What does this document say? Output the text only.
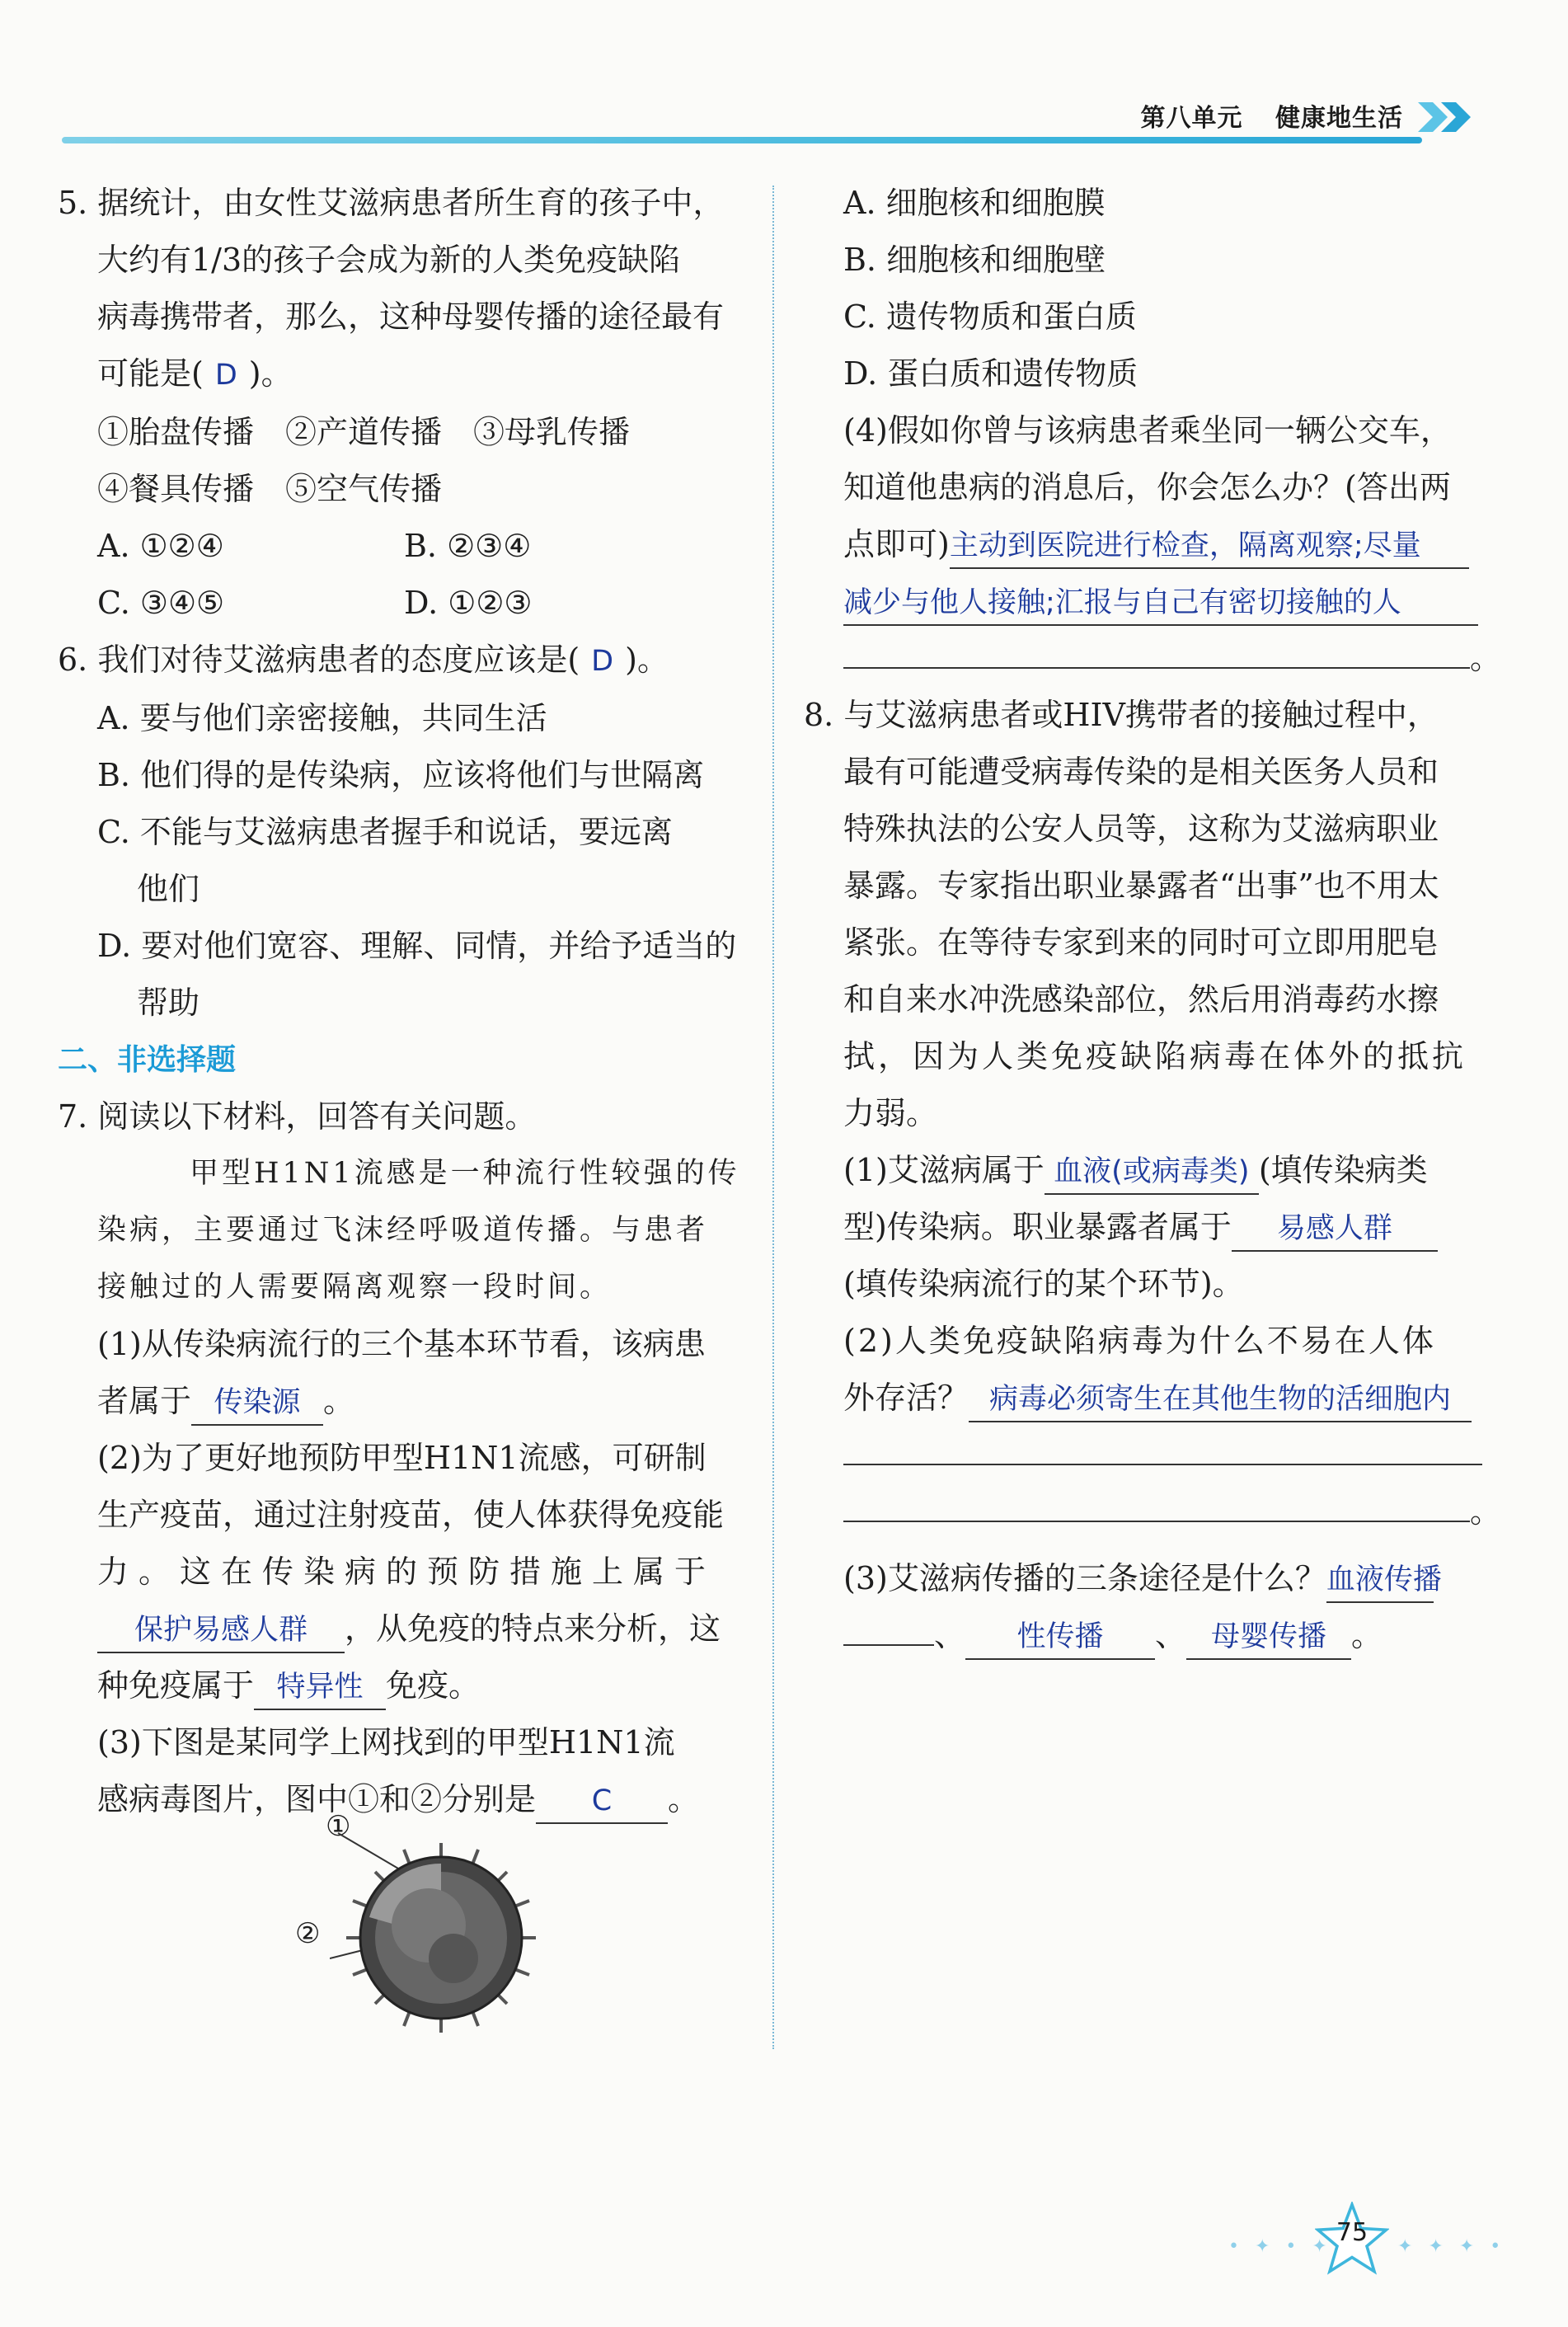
第八单元 健康地生活
5. 据统计，由女性艾滋病患者所生育的孩子中，
大约有1/3的孩子会成为新的人类免疫缺陷
病毒携带者，那么，这种母婴传播的途径最有
可能是( D )。
①胎盘传播　②产道传播　③母乳传播
④餐具传播　⑤空气传播
A. ①②④	B. ②③④
C. ③④⑤	D. ①②③
6. 我们对待艾滋病患者的态度应该是( D )。
A. 要与他们亲密接触，共同生活
B. 他们得的是传染病，应该将他们与世隔离
C. 不能与艾滋病患者握手和说话，要远离
他们
D. 要对他们宽容、理解、同情，并给予适当的
帮助
二、非选择题
7. 阅读以下材料，回答有关问题。
甲型H1N1流感是一种流行性较强的传
染病，主要通过飞沫经呼吸道传播。与患者
接触过的人需要隔离观察一段时间。
(1)从传染病流行的三个基本环节看，该病患
者属于 传染源 。
(2)为了更好地预防甲型H1N1流感，可研制
生产疫苗，通过注射疫苗，使人体获得免疫能
力。这在传染病的预防措施上属于
保护易感人群 ，从免疫的特点来分析，这
种免疫属于 特异性 免疫。
(3)下图是某同学上网找到的甲型H1N1流
感病毒图片，图中①和②分别是 C 。
①
②
A. 细胞核和细胞膜
B. 细胞核和细胞壁
C. 遗传物质和蛋白质
D. 蛋白质和遗传物质
(4)假如你曾与该病患者乘坐同一辆公交车，
知道他患病的消息后，你会怎么办？(答出两
点即可)主动到医院进行检查，隔离观察;尽量
减少与他人接触;汇报与自己有密切接触的人
。
8. 与艾滋病患者或HIV携带者的接触过程中，
最有可能遭受病毒传染的是相关医务人员和
特殊执法的公安人员等，这称为艾滋病职业
暴露。专家指出职业暴露者“出事”也不用太
紧张。在等待专家到来的同时可立即用肥皂
和自来水冲洗感染部位，然后用消毒药水擦
拭，因为人类免疫缺陷病毒在体外的抵抗
力弱。
(1)艾滋病属于 血液(或病毒类) (填传染病类
型)传染病。职业暴露者属于 易感人群
(填传染病流行的某个环节)。
(2)人类免疫缺陷病毒为什么不易在人体
外存活？ 病毒必须寄生在其他生物的活细胞内
。
(3)艾滋病传播的三条途径是什么？血液传播
、 性传播 、 母婴传播 。
• ✦ • ✦ 75	✦ ✦ ✦ •
